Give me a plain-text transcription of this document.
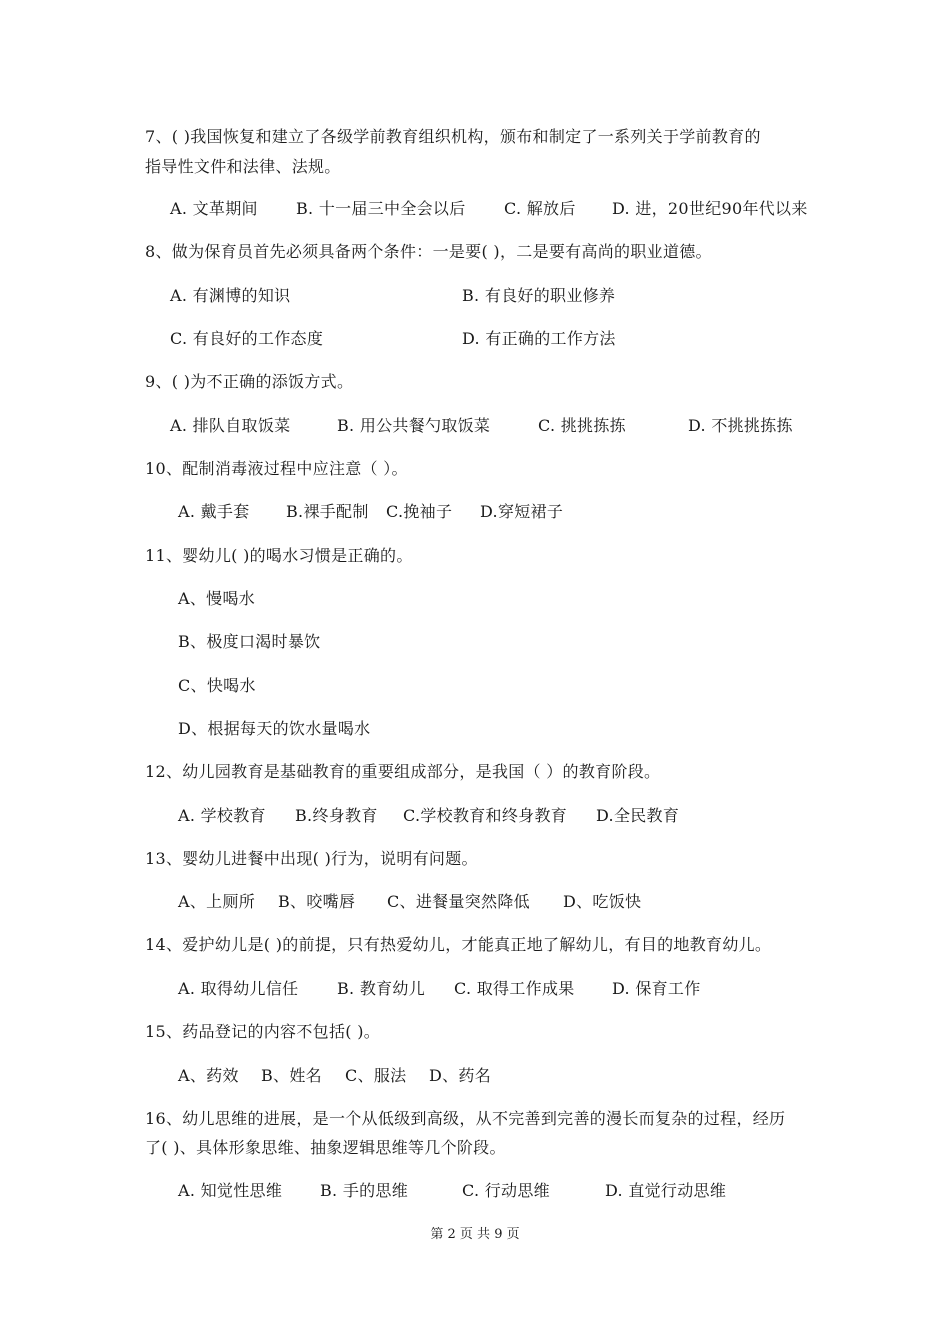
7、( )我国恢复和建立了各级学前教育组织机构，颁布和制定了一系列关于学前教育的
指导性文件和法律、法规。
A. 文革期间 B. 十一届三中全会以后 C. 解放后 D. 进，20世纪90年代以来
8、做为保育员首先必须具备两个条件：一是要( )，二是要有高尚的职业道德。
A. 有渊博的知识	B. 有良好的职业修养
C. 有良好的工作态度	D. 有正确的工作方法
9、( )为不正确的添饭方式。
A. 排队自取饭菜	B. 用公共餐勺取饭菜	C. 挑挑拣拣	D. 不挑挑拣拣
10、配制消毒液过程中应注意（ ）。
A. 戴手套 B.裸手配制 C.挽袖子 D.穿短裙子
11、婴幼儿( )的喝水习惯是正确的。
A、慢喝水
B、极度口渴时暴饮
C、快喝水
D、根据每天的饮水量喝水
12、幼儿园教育是基础教育的重要组成部分，是我国（ ）的教育阶段。
A. 学校教育 B.终身教育 C.学校教育和终身教育 D.全民教育
13、婴幼儿进餐中出现( )行为，说明有问题。
A、上厕所 B、咬嘴唇 C、进餐量突然降低 D、吃饭快
14、爱护幼儿是( )的前提，只有热爱幼儿，才能真正地了解幼儿，有目的地教育幼儿。
A. 取得幼儿信任 B. 教育幼儿 C. 取得工作成果 D. 保育工作
15、药品登记的内容不包括( )。
A、药效 B、姓名 C、服法 D、药名
16、幼儿思维的进展，是一个从低级到高级，从不完善到完善的漫长而复杂的过程，经历
了( )、具体形象思维、抽象逻辑思维等几个阶段。
A. 知觉性思维 B. 手的思维	C. 行动思维	D. 直觉行动思维
第 2 页 共 9 页
